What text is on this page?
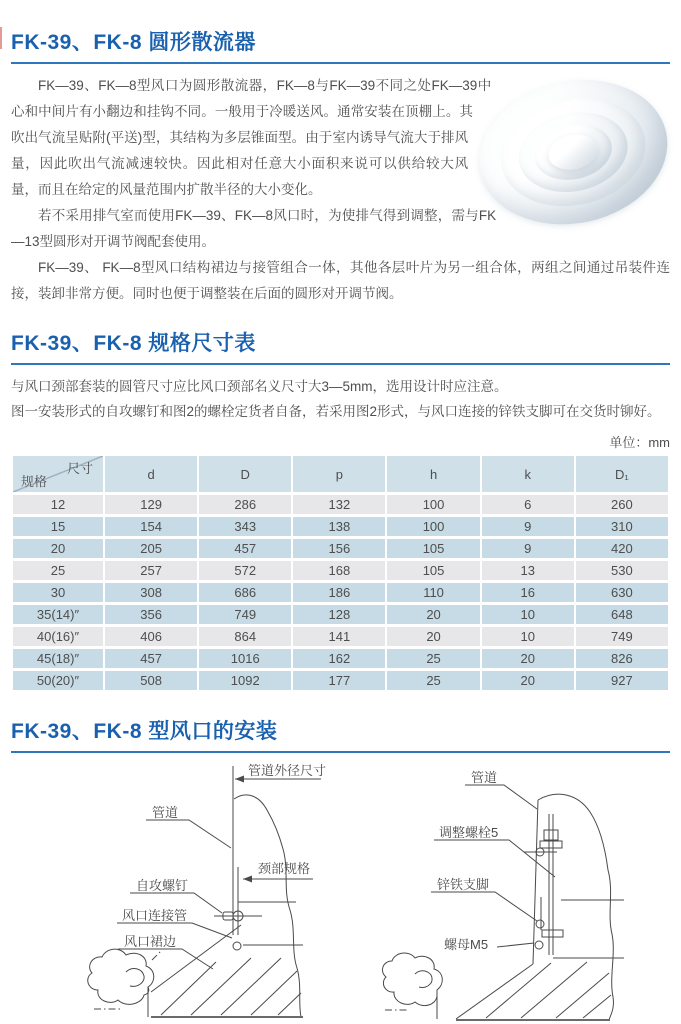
FK-39、FK-8 圆形散流器

FK—39、FK—8型风口为圆形散流器，FK—8与FK—39不同之处FK—39中心和中间片有小翻边和挂钩不同。一般用于冷暖送风。通常安装在顶棚上。其吹出气流呈贴附(平送)型，其结构为多层锥面型。由于室内诱导气流大于排风量，因此吹出气流减速较快。因此相对任意大小面积来说可以供给较大风量，而且在给定的风量范围内扩散半径的大小变化。

若不采用排气室而使用FK—39、FK—8风口时，为使排气得到调整，需与FK—13型圆形对开调节阀配套使用。

FK—39、 FK—8型风口结构裙边与接管组合一体，其他各层叶片为另一组合体，两组之间通过吊装件连接，装卸非常方便。同时也便于调整装在后面的圆形对开调节阀。

FK-39、FK-8 规格尺寸表

与风口颈部套装的圆管尺寸应比风口颈部名义尺寸大3—5mm，选用设计时应注意。

图一安装形式的自攻螺钉和图2的螺栓定货者自备，若采用图2形式，与风口连接的锌铁支脚可在交货时铆好。

单位：mm
尺寸
规格	d	D	p	h	k	D₁
12	129	286	132	100	6	260
15	154	343	138	100	9	310
20	205	457	156	105	9	420
25	257	572	168	105	13	530
30	308	686	186	110	16	630
35(14)″	356	749	128	20	10	648
40(16)″	406	864	141	20	10	749
45(18)″	457	1016	162	25	20	826
50(20)″	508	1092	177	25	20	927
FK-39、FK-8 型风口的安装
管道外径尺寸
管道
颈部规格
自攻螺钉
风口连接管
风口裙边
管道
调整螺栓5
锌铁支脚
螺母M5
